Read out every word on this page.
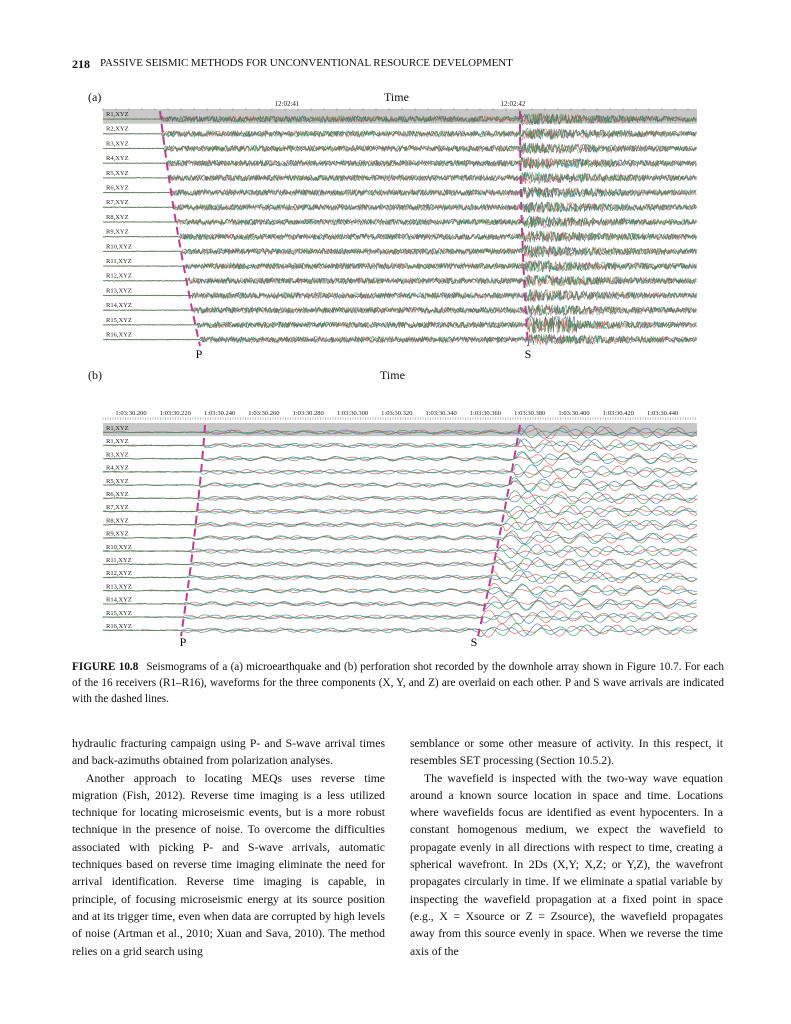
218 PASSIVE SEISMIC METHODS FOR UNCONVENTIONAL RESOURCE DEVELOPMENT
(a)	Time
(b)	Time
12:02:41	12:02:42
R1,XYZ
R2,XYZ
R3,XYZ
R4,XYZ
R5,XYZ
R6,XYZ
R7,XYZ
R8,XYZ
R9,XYZ
R10,XYZ
R11,XYZ
R12,XYZ
R13,XYZ
R14,XYZ
R15,XYZ
R16,XYZ
P	S
1:03:30.200 1:03:30.220 1:03:30.240 1:03:30.260 1:03:30.280 1:03:30.300 1:03:30.320 1:03:30.340 1:03:30.360 1:03:30.380 1:03:30.400 1:03:30.420 1:03:30.440
R1,XYZ
R1,XYZ
R3,XYZ
R4,XYZ
R5,XYZ
R6,XYZ
R7,XYZ
R8,XYZ
R9,XYZ
R10,XYZ
R11,XYZ
R12,XYZ
R13,XYZ
R14,XYZ
R15,XYZ
R16,XYZ
P	S
FIGURE 10.8 Seismograms of a (a) microearthquake and (b) perforation shot recorded by the downhole array shown in Figure 10.7. For each of the 16 receivers (R1–R16), waveforms for the three components (X, Y, and Z) are overlaid on each other. P and S wave arrivals are indicated with the dashed lines.

hydraulic fracturing campaign using P- and S-wave arrival times and back-azimuths obtained from polarization analyses.

Another approach to locating MEQs uses reverse time migration (Fish, 2012). Reverse time imaging is a less utilized technique for locating microseismic events, but is a more robust technique in the presence of noise. To overcome the difficulties associated with picking P- and S-wave arrivals, automatic techniques based on reverse time imaging eliminate the need for arrival identification. Reverse time imaging is capable, in principle, of focusing microseismic energy at its source position and at its trigger time, even when data are corrupted by high levels of noise (Artman et al., 2010; Xuan and Sava, 2010). The method relies on a grid search using

semblance or some other measure of activity. In this respect, it resembles SET processing (Section 10.5.2).

The wavefield is inspected with the two-way wave equation around a known source location in space and time. Locations where wavefields focus are identified as event hypocenters. In a constant homogenous medium, we expect the wavefield to propagate evenly in all directions with respect to time, creating a spherical wavefront. In 2Ds (X,Y; X,Z; or Y,Z), the wavefront propagates circularly in time. If we eliminate a spatial variable by inspecting the wavefield propagation at a fixed point in space (e.g., X = Xsource or Z = Zsource), the wavefield propagates away from this source evenly in space. When we reverse the time axis of the
